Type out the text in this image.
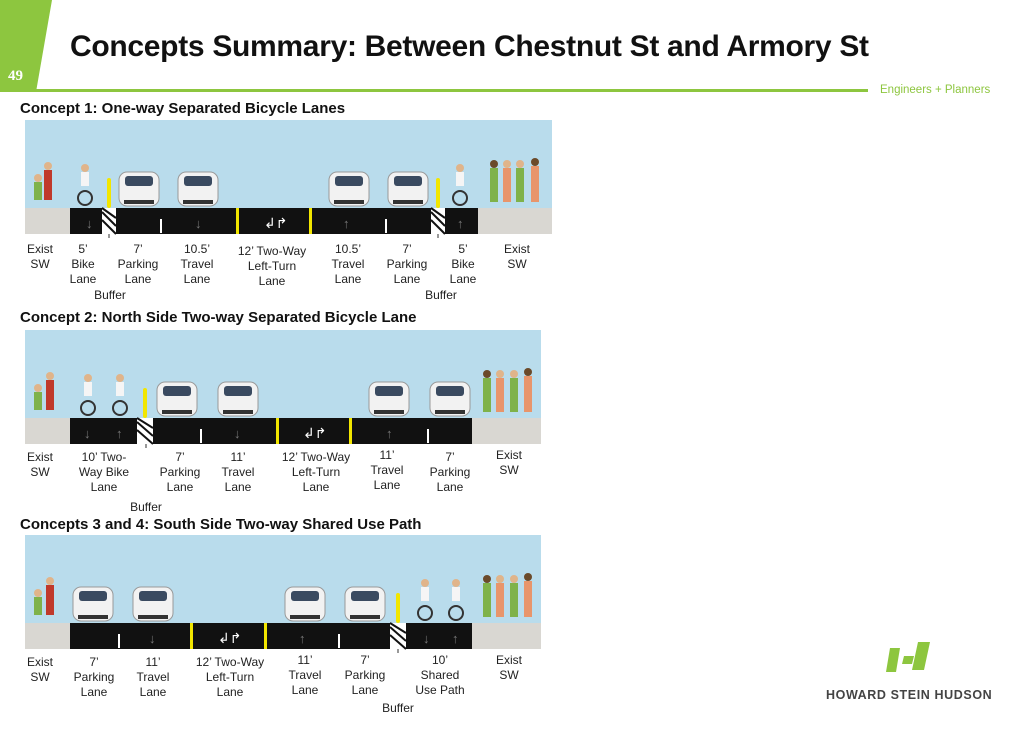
49
Concepts Summary: Between Chestnut St and Armory St
Engineers + Planners
Concept 1: One-way Separated Bicycle Lanes
↓	↓	↲↱	↑	↑
Exist
SW
5’
Bike
Lane
7’
Parking
Lane
10.5’
Travel
Lane
12’ Two-Way
Left-Turn
Lane
10.5’
Travel
Lane
7’
Parking
Lane
5’
Bike
Lane
Exist
SW
Buffer	Buffer
Concept 2: North Side Two-way Separated Bicycle Lane
↓ ↑	↓	↲↱	↑
Exist
SW
10’ Two-
Way Bike
Lane
7’
Parking
Lane
11’
Travel
Lane
12’ Two-Way
Left-Turn
Lane
11’
Travel
Lane
7’
Parking
Lane
Exist
SW
Buffer
Concepts 3 and 4: South Side Two-way Shared Use Path
↓	↲↱	↑	↓ ↑
Exist
SW
7’
Parking
Lane
11’
Travel
Lane
12’ Two-Way
Left-Turn
Lane
11’
Travel
Lane
7’
Parking
Lane
10’
Shared
Use Path
Exist
SW
Buffer
HOWARD STEIN HUDSON
